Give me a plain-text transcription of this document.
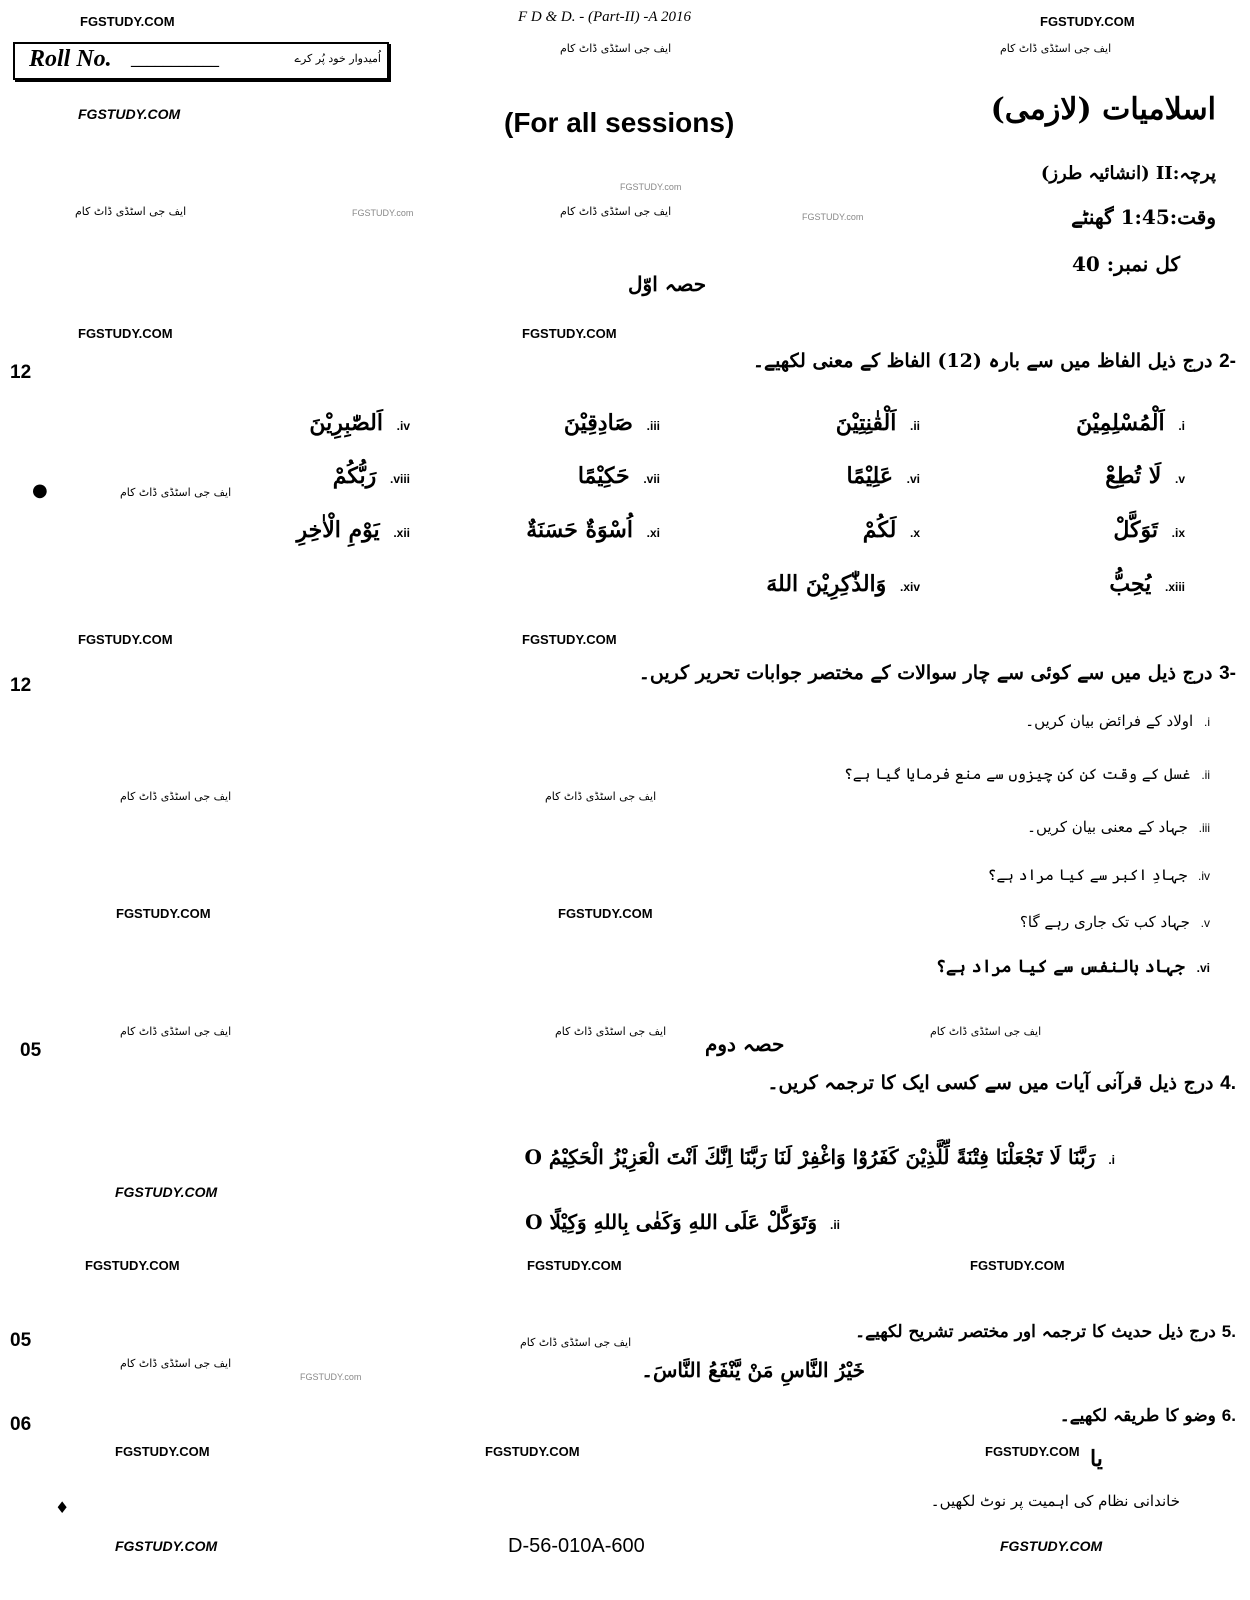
FGSTUDY.COM	FGSTUDY.COM
F D & D. - (Part-II) -A 2016
ایف جی اسٹڈی ڈاٹ کام	ایف جی اسٹڈی ڈاٹ کام
Roll No. ___________	اُمیدوار خود پُر کرے
FGSTUDY.COM	(For all sessions)	اسلامیات (لازمی)
پرچہ:II (انشائیہ طرز)
وقت:1:45 گھنٹے
کل نمبر: 40
ایف جی اسٹڈی ڈاٹ کام	FGSTUDY.com
FGSTUDY.com
ایف جی اسٹڈی ڈاٹ کام	FGSTUDY.com
حصہ اوّل
FGSTUDY.COM	FGSTUDY.COM
12
-2 درج ذیل الفاظ میں سے بارہ (12) الفاظ کے معنی لکھیے۔
i. اَلْمُسْلِمِيْنَ
ii. اَلْقٰنِتِيْنَ
iii. صَادِقِيْنَ
iv. اَلصّٰبِرِيْنَ
v. لَا تُطِعْ
vi. عَلِيْمًا
vii. حَكِيْمًا
viii. رَبُّكُمْ
ix. تَوَكَّلْ
x. لَكُمْ
xi. اُسْوَةٌ حَسَنَةٌ
xii. يَوْمِ الْاٰخِرِ
xiii. يُحِبُّ
xiv. وَالذّٰكِرِيْنَ اللهَ
ایف جی اسٹڈی ڈاٹ کام
●
FGSTUDY.COM	FGSTUDY.COM
12
-3 درج ذیل میں سے کوئی سے چار سوالات کے مختصر جوابات تحریر کریں۔
i. اولاد کے فرائض بیان کریں۔
ii. غسل کے وقت کن کن چیزوں سے منع فرمایا گیا ہے؟
iii. جہاد کے معنی بیان کریں۔
iv. جہادِ اکبر سے کیا مراد ہے؟
v. جہاد کب تک جاری رہے گا؟
vi. جہاد بالنفس سے کیا مراد ہے؟
ایف جی اسٹڈی ڈاٹ کام	ایف جی اسٹڈی ڈاٹ کام
FGSTUDY.COM	FGSTUDY.COM
05
ایف جی اسٹڈی ڈاٹ کام	ایف جی اسٹڈی ڈاٹ کام	ایف جی اسٹڈی ڈاٹ کام
حصہ دوم
.4 درج ذیل قرآنی آیات میں سے کسی ایک کا ترجمہ کریں۔
i. رَبَّنَا لَا تَجْعَلْنَا فِتْنَةً لِّلَّذِيْنَ كَفَرُوْا وَاغْفِرْ لَنَا رَبَّنَا اِنَّكَ اَنْتَ الْعَزِيْزُ الْحَكِيْمُ O
ii. وَتَوَكَّلْ عَلَى اللهِ وَكَفٰى بِاللهِ وَكِيْلًا O
FGSTUDY.COM
FGSTUDY.COM	FGSTUDY.COM	FGSTUDY.COM
05
ایف جی اسٹڈی ڈاٹ کام
ایف جی اسٹڈی ڈاٹ کام
FGSTUDY.com
.5 درج ذیل حدیث کا ترجمہ اور مختصر تشریح لکھیے۔
خَيْرُ النَّاسِ مَنْ يَّنْفَعُ النَّاسَ۔
06	.6 وضو کا طریقہ لکھیے۔
FGSTUDY.COM	FGSTUDY.COM	FGSTUDY.COM یا
خاندانی نظام کی اہمیت پر نوٹ لکھیں۔
♦
FGSTUDY.COM	D-56-010A-600	FGSTUDY.COM
